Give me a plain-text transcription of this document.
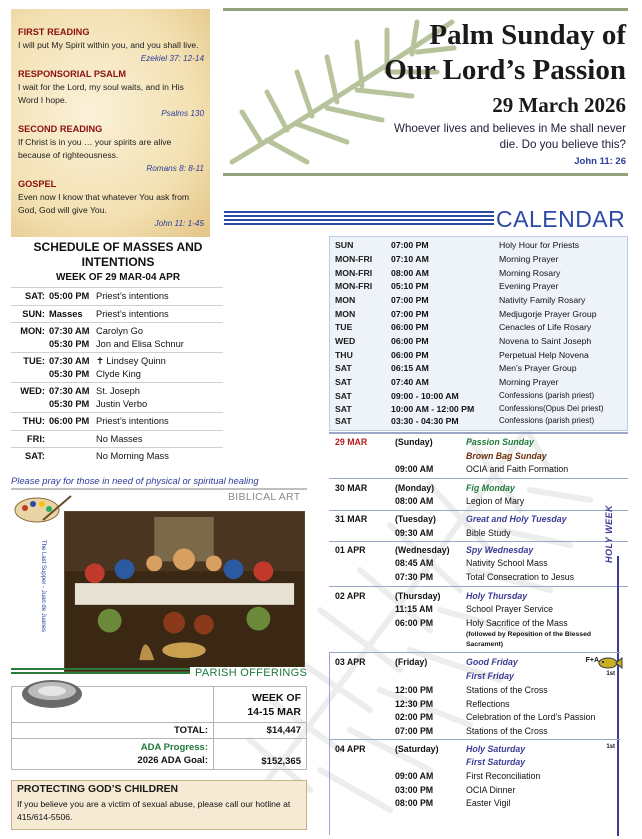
FIRST READING
I will put My Spirit within you, and you shall live.
Ezekiel 37: 12-14
RESPONSORIAL PSALM
I wait for the Lord, my soul waits, and in His Word I hope.
Psalms 130
SECOND READING
If Christ is in you … your spirits are alive because of righteousness.
Romans 8: 8-11
GOSPEL
Even now I know that whatever You ask from God, God will give You.
John 11: 1-45
Palm Sunday of
Our Lord’s Passion
29 March 2026
Whoever lives and believes in Me shall never die. Do you believe this?
John 11: 26
CALENDAR
SCHEDULE OF MASSES AND INTENTIONS
WEEK OF 29 MAR-04 APR
SAT: 05:00 PM Priest’s intentions
SUN: Masses	Priest’s intentions
MON: 07:30 AM Carolyn Go
05:30 PM Jon and Elisa Schnur
TUE: 07:30 AM ✝ Lindsey Quinn
05:30 PM Clyde King
WED: 07:30 AM St. Joseph
05:30 PM Justin Verbo
THU: 06:00 PM Priest’s intentions
FRI:	No Masses
SAT:	No Morning Mass
Please pray for those in need of physical or spiritual healing
BIBLICAL ART
The Last Supper - Juan de Juanes
PARISH OFFERINGS

	WEEK OF
14-15 MAR

TOTAL:	$14,447

ADA Progress:
2026 ADA Goal:	$152,365
PROTECTING GOD’S CHILDREN
If you believe you are a victim of sexual abuse, please call our hotline at 415/614-5506.
SUN	07:00 PM	Holy Hour for Priests
MON-FRI	07:10 AM	Morning Prayer
MON-FRI	08:00 AM	Morning Rosary
MON-FRI	05:10 PM	Evening Prayer
MON	07:00 PM	Nativity Family Rosary
MON	07:00 PM	Medjugorje Prayer Group
TUE	06:00 PM	Cenacles of Life Rosary
WED	06:00 PM	Novena to Saint Joseph
THU	06:00 PM	Perpetual Help Novena
SAT	06:15 AM	Men’s Prayer Group
SAT	07:40 AM	Morning Prayer
SAT	09:00 - 10:00 AM	Confessions (parish priest)
SAT	10:00 AM - 12:00 PM	Confessions(Opus Dei priest)
SAT	03:30 - 04:30 PM	Confessions (parish priest)
29 MAR	(Sunday)	Passion Sunday
Brown Bag Sunday
09:00 AM	OCIA and Faith Formation
30 MAR	(Monday)	Fig Monday
08:00 AM	Legion of Mary
31 MAR	(Tuesday)	Great and Holy Tuesday
09:30 AM	Bible Study
01 APR	(Wednesday)	Spy Wednesday
08:45 AM	Nativity School Mass
07:30 PM	Total Consecration to Jesus
02 APR	(Thursday)	Holy Thursday
11:15 AM	School Prayer Service
06:00 PM	Holy Sacrifice of the Mass
(followed by Reposition of the Blessed Sacrament)
HOLY WEEK
03 APR	(Friday)	Good Friday	F+A
First Friday	1st
12:00 PM	Stations of the Cross
12:30 PM	Reflections
02:00 PM	Celebration of the Lord’s Passion
07:00 PM	Stations of the Cross
04 APR	(Saturday)	Holy Saturday	1st
First Saturday
09:00 AM	First Reconciliation
03:00 PM	OCIA Dinner
08:00 PM	Easter Vigil
